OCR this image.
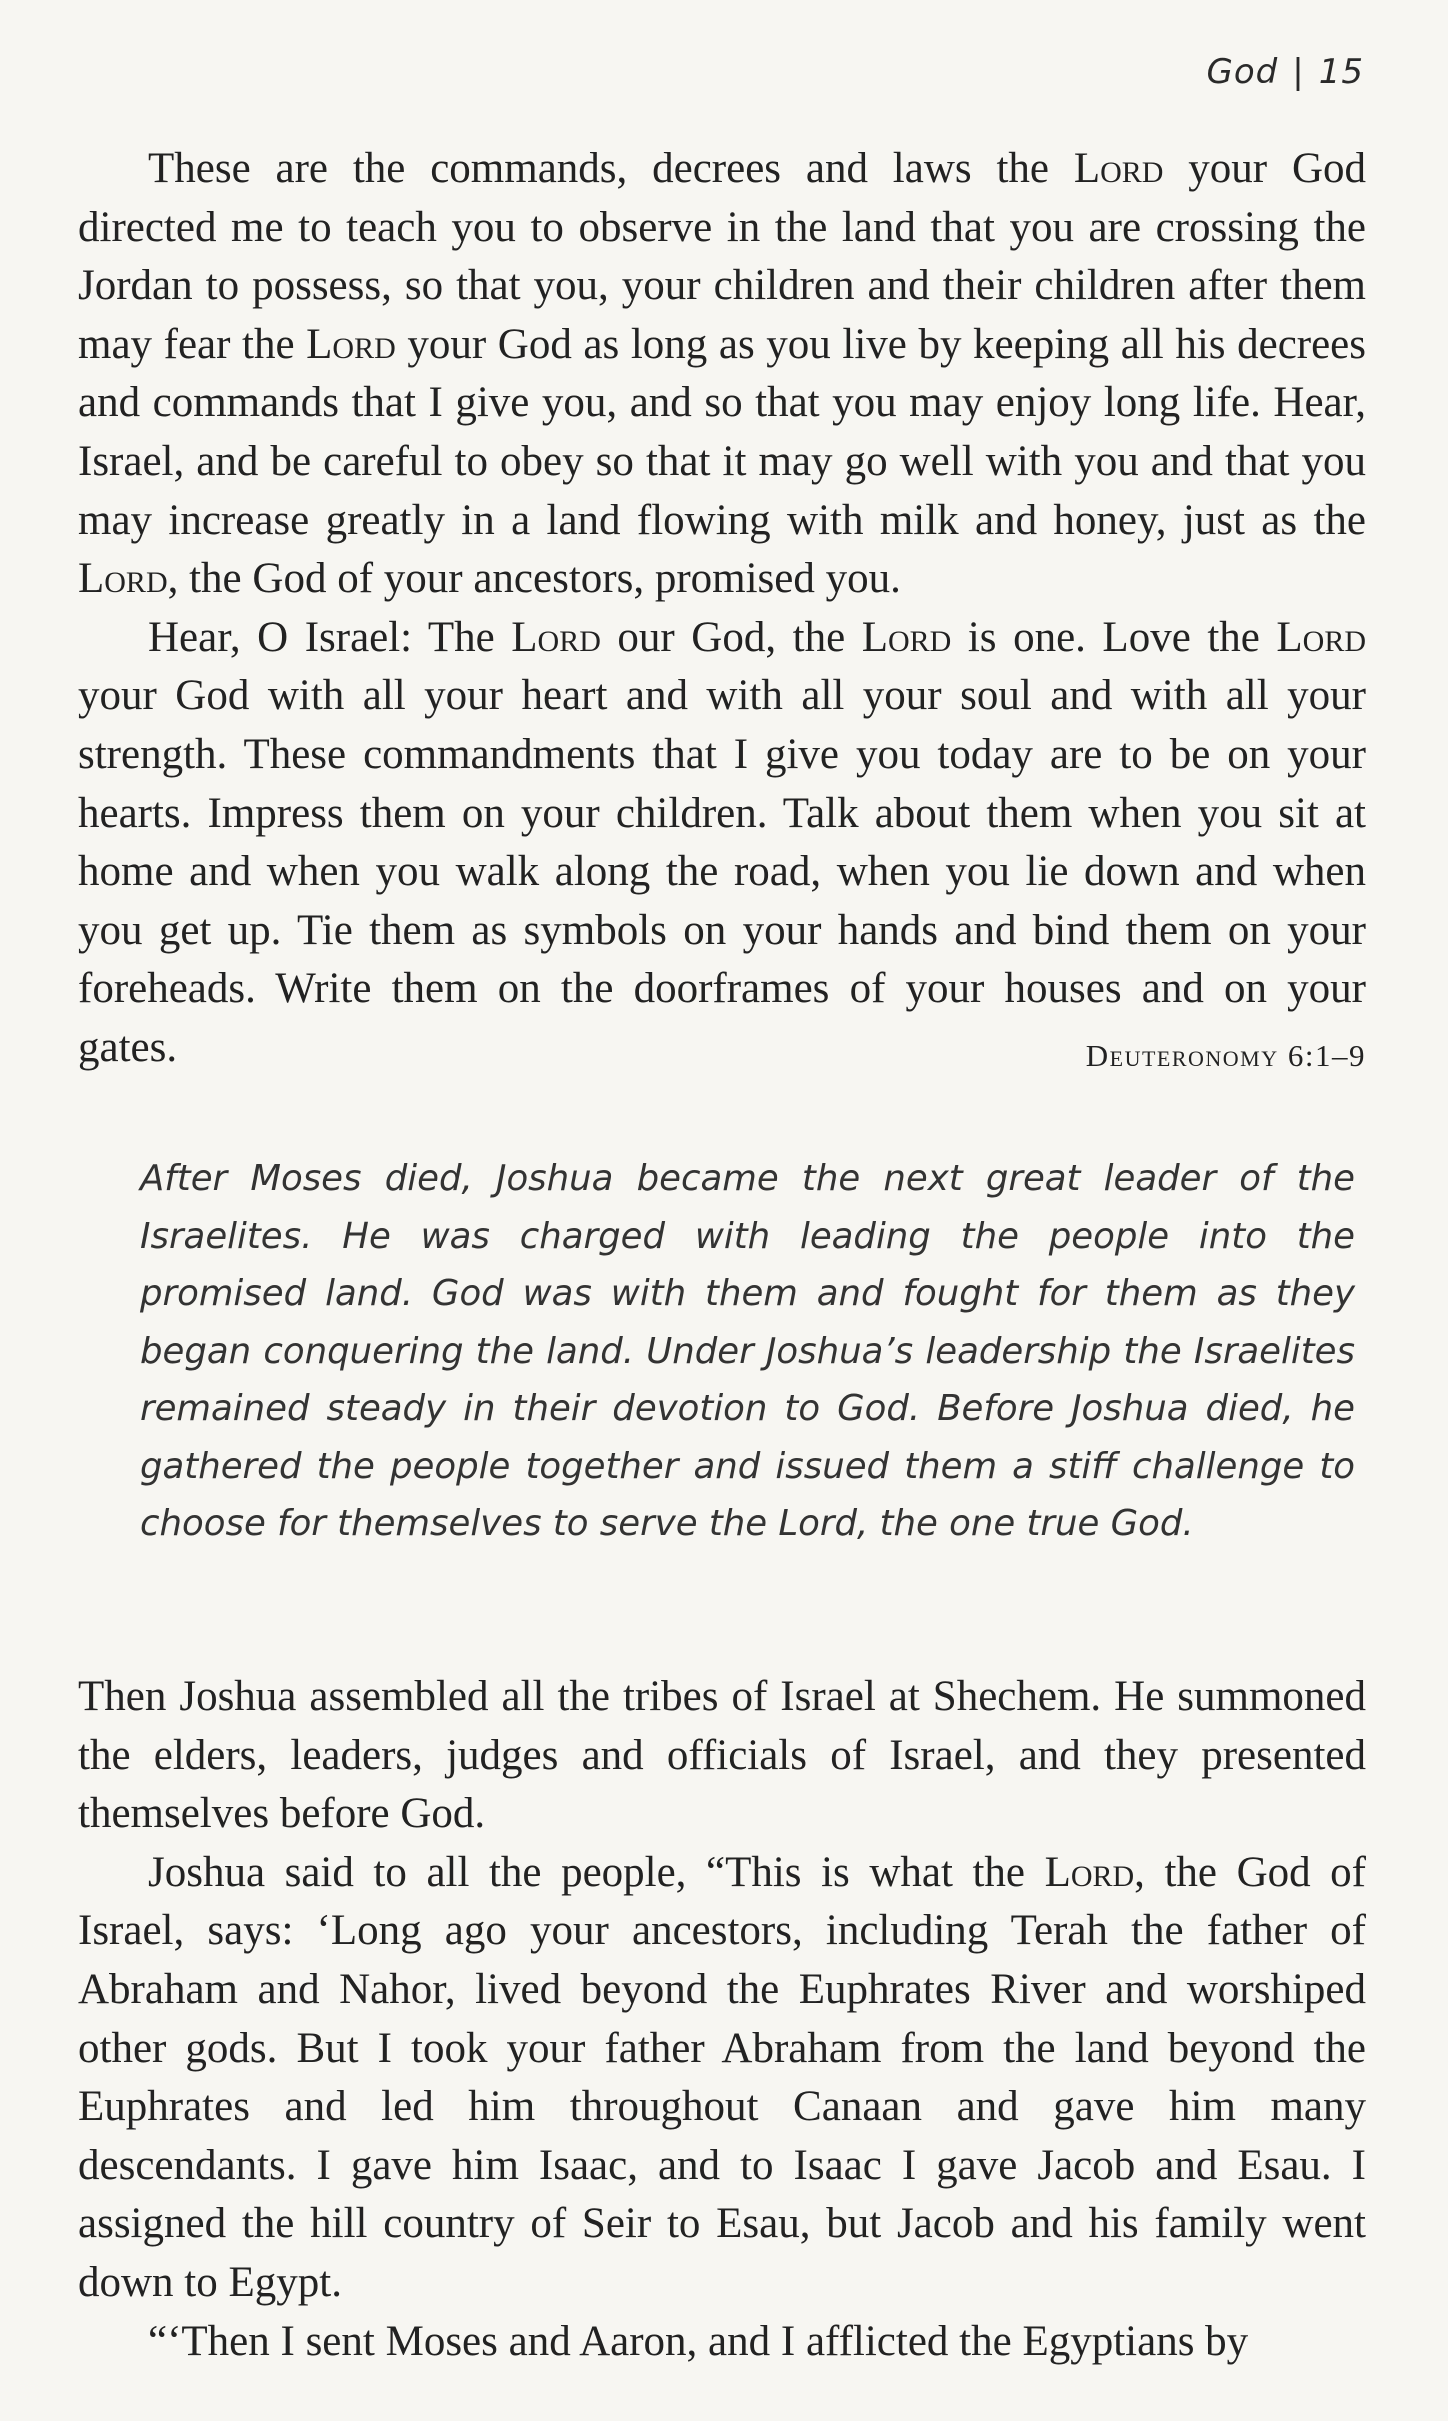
God | 15

These are the commands, decrees and laws the Lord your God directed me to teach you to observe in the land that you are crossing the Jordan to possess, so that you, your children and their children after them may fear the Lord your God as long as you live by keeping all his decrees and commands that I give you, and so that you may enjoy long life. Hear, Israel, and be careful to obey so that it may go well with you and that you may increase greatly in a land flowing with milk and honey, just as the Lord, the God of your ancestors, promised you.

Hear, O Israel: The Lord our God, the Lord is one. Love the Lord your God with all your heart and with all your soul and with all your strength. These commandments that I give you today are to be on your hearts. Impress them on your children. Talk about them when you sit at home and when you walk along the road, when you lie down and when you get up. Tie them as symbols on your hands and bind them on your foreheads. Write them on the doorframes of your houses and on your gates.	Deuteronomy 6:1–9

After Moses died, Joshua became the next great leader of the Israelites. He was charged with leading the people into the promised land. God was with them and fought for them as they began conquering the land. Under Joshua’s leadership the Israelites remained steady in their devotion to God. Before Joshua died, he gathered the people together and issued them a stiff challenge to choose for themselves to serve the Lord, the one true God.

Then Joshua assembled all the tribes of Israel at Shechem. He summoned the elders, leaders, judges and officials of Israel, and they presented themselves before God.

Joshua said to all the people, “This is what the Lord, the God of Israel, says: ‘Long ago your ancestors, including Terah the father of Abraham and Nahor, lived beyond the Euphrates River and worshiped other gods. But I took your father Abraham from the land beyond the Euphrates and led him throughout Canaan and gave him many descendants. I gave him Isaac, and to Isaac I gave Jacob and Esau. I assigned the hill country of Seir to Esau, but Jacob and his family went down to Egypt.

“‘Then I sent Moses and Aaron, and I afflicted the Egyptians by
